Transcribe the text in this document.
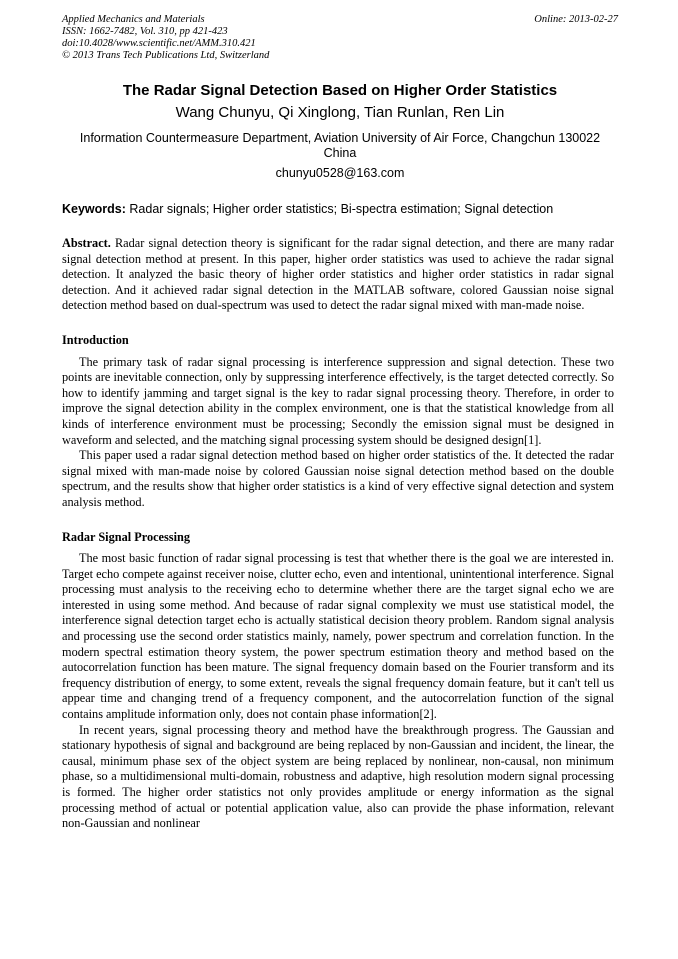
Applied Mechanics and Materials
ISSN: 1662-7482, Vol. 310, pp 421-423
doi:10.4028/www.scientific.net/AMM.310.421
© 2013 Trans Tech Publications Ltd, Switzerland
Online: 2013-02-27
The Radar Signal Detection Based on Higher Order Statistics
Wang Chunyu, Qi Xinglong, Tian Runlan, Ren Lin
Information Countermeasure Department, Aviation University of Air Force, Changchun 130022 China
chunyu0528@163.com
Keywords: Radar signals; Higher order statistics; Bi-spectra estimation; Signal detection

Abstract. Radar signal detection theory is significant for the radar signal detection, and there are many radar signal detection method at present. In this paper, higher order statistics was used to achieve the radar signal detection. It analyzed the basic theory of higher order statistics and higher order statistics in radar signal detection. And it achieved radar signal detection in the MATLAB software, colored Gaussian noise signal detection method based on dual-spectrum was used to detect the radar signal mixed with man-made noise.

Introduction

The primary task of radar signal processing is interference suppression and signal detection. These two points are inevitable connection, only by suppressing interference effectively, is the target detected correctly. So how to identify jamming and target signal is the key to radar signal processing theory. Therefore, in order to improve the signal detection ability in the complex environment, one is that the statistical knowledge from all kinds of interference environment must be processing; Secondly the emission signal must be designed in waveform and selected, and the matching signal processing system should be designed design[1].

This paper used a radar signal detection method based on higher order statistics of the. It detected the radar signal mixed with man-made noise by colored Gaussian noise signal detection method based on the double spectrum, and the results show that higher order statistics is a kind of very effective signal detection and system analysis method.

Radar Signal Processing

The most basic function of radar signal processing is test that whether there is the goal we are interested in. Target echo compete against receiver noise, clutter echo, even and intentional, unintentional interference. Signal processing must analysis to the receiving echo to determine whether there are the target signal echo we are interested in using some method. And because of radar signal complexity we must use statistical model, the interference signal detection target echo is actually statistical decision theory problem. Random signal analysis and processing use the second order statistics mainly, namely, power spectrum and correlation function. In the modern spectral estimation theory system, the power spectrum estimation theory and method based on the autocorrelation function has been mature. The signal frequency domain based on the Fourier transform and its frequency distribution of energy, to some extent, reveals the signal frequency domain feature, but it can't tell us appear time and changing trend of a frequency component, and the autocorrelation function of the signal contains amplitude information only, does not contain phase information[2].

In recent years, signal processing theory and method have the breakthrough progress. The Gaussian and stationary hypothesis of signal and background are being replaced by non-Gaussian and incident, the linear, the causal, minimum phase sex of the object system are being replaced by nonlinear, non-causal, non minimum phase, so a multidimensional multi-domain, robustness and adaptive, high resolution modern signal processing is formed. The higher order statistics not only provides amplitude or energy information as the signal processing method of actual or potential application value, also can provide the phase information, relevant non-Gaussian and nonlinear
